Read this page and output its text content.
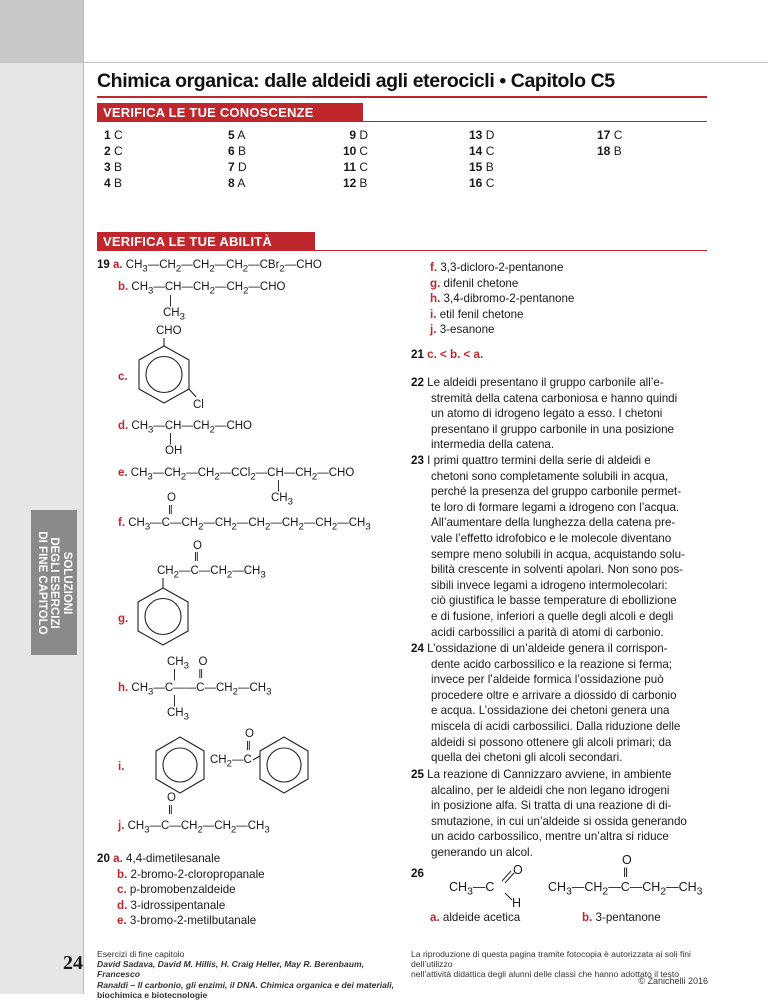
Chimica organica: dalle aldeidi agli eterocicli • Capitolo C5
VERIFICA LE TUE CONOSCENZE
1 C
2 C
3 B
4 B
5 A
6 B
7 D
8 A
9 D
10 C
11 C
12 B
13 D
14 C
15 B
16 C
17 C
18 B
VERIFICA LE TUE ABILITÀ
SOLUZIONI
DEGLI ESERCIZI
DI FINE CAPITOLO
19 a. $CH_3—CH_2—CH_2—CH_2—CBr_2—CHO$
b. $CH_3—CH—CH_2—CH_2—CHO$
|
$CH_3$
CHO
c.
Cl
d. $CH_3—CH—CH_2—CHO$
|
OH
e. $CH_3—CH_2—CH_2—CCl_2—CH—CH_2—CHO$
|
$CH_3$
O
‖
f. $CH_3—C—CH_2—CH_2—CH_2—CH_2—CH_2—CH_3$
O
‖
$CH_2—C—CH_2—CH_3$
g.
$CH_3$   O
|       ‖
h. $CH_3—C——C—CH_2—CH_3$
|
$CH_3$
O
‖
i.
$CH_2—C$
O
‖
j. $CH_3—C—CH_2—CH_2—CH_3$
20 a. 4,4-dimetilesanale
b. 2-bromo-2-cloropropanale
c. p-bromobenzaldeide
d. 3-idrossipentanale
e. 3-bromo-2-metilbutanale
f. 3,3-dicloro-2-pentanone
g. difenil chetone
h. 3,4-dibromo-2-pentanone
i. etil fenil chetone
j. 3-esanone
21 c. < b. < a.
22 Le aldeidi presentano il gruppo carbonile all’e-
stremità della catena carboniosa e hanno quindi
un atomo di idrogeno legato a esso. I chetoni
presentano il gruppo carbonile in una posizione
intermedia della catena.
23 I primi quattro termini della serie di aldeidi e
chetoni sono completamente solubili in acqua,
perché la presenza del gruppo carbonile permet-
te loro di formare legami a idrogeno con l’acqua.
All’aumentare della lunghezza della catena pre-
vale l’effetto idrofobico e le molecole diventano
sempre meno solubili in acqua, acquistando solu-
bilità crescente in solventi apolari. Non sono pos-
sibili invece legami a idrogeno intermolecolari:
ciò giustifica le basse temperature di ebollizione
e di fusione, inferiori a quelle degli alcoli e degli
acidi carbossilici a parità di atomi di carbonio.
24 L’ossidazione di un’aldeide genera il corrispon-
dente acido carbossilico e la reazione si ferma;
invece per l’aldeide formica l’ossidazione può
procedere oltre e arrivare a diossido di carbonio
e acqua. L’ossidazione dei chetoni genera una
miscela di acidi carbossilici. Dalla riduzione delle
aldeidi si possono ottenere gli alcoli primari; da
quella dei chetoni gli alcoli secondari.
25 La reazione di Cannizzaro avviene, in ambiente
alcalino, per le aldeidi che non legano idrogeni
in posizione alfa. Si tratta di una reazione di di-
smutazione, in cui un’aldeide si ossida generando
un acido carbossilico, mentre un’altra si riduce
generando un alcol.
26	O
$CH_3—C$
H
O
‖
$CH_3—CH_2—C—CH_2—CH_3$
a. aldeide acetica	b. 3-pentanone
24 Esercizi di fine capitolo
David Sadava, David M. Hillis, H. Craig Heller, May R. Berenbaum, Francesco
Ranaldi – Il carbonio, gli enzimi, il DNA. Chimica organica e dei materiali,
biochimica e biotecnologie
La riproduzione di questa pagina tramite fotocopia è autorizzata ai soli fini dell’utilizzo
nell’attività didattica degli alunni delle classi che hanno adottato il testo
© Zanichelli 2016
